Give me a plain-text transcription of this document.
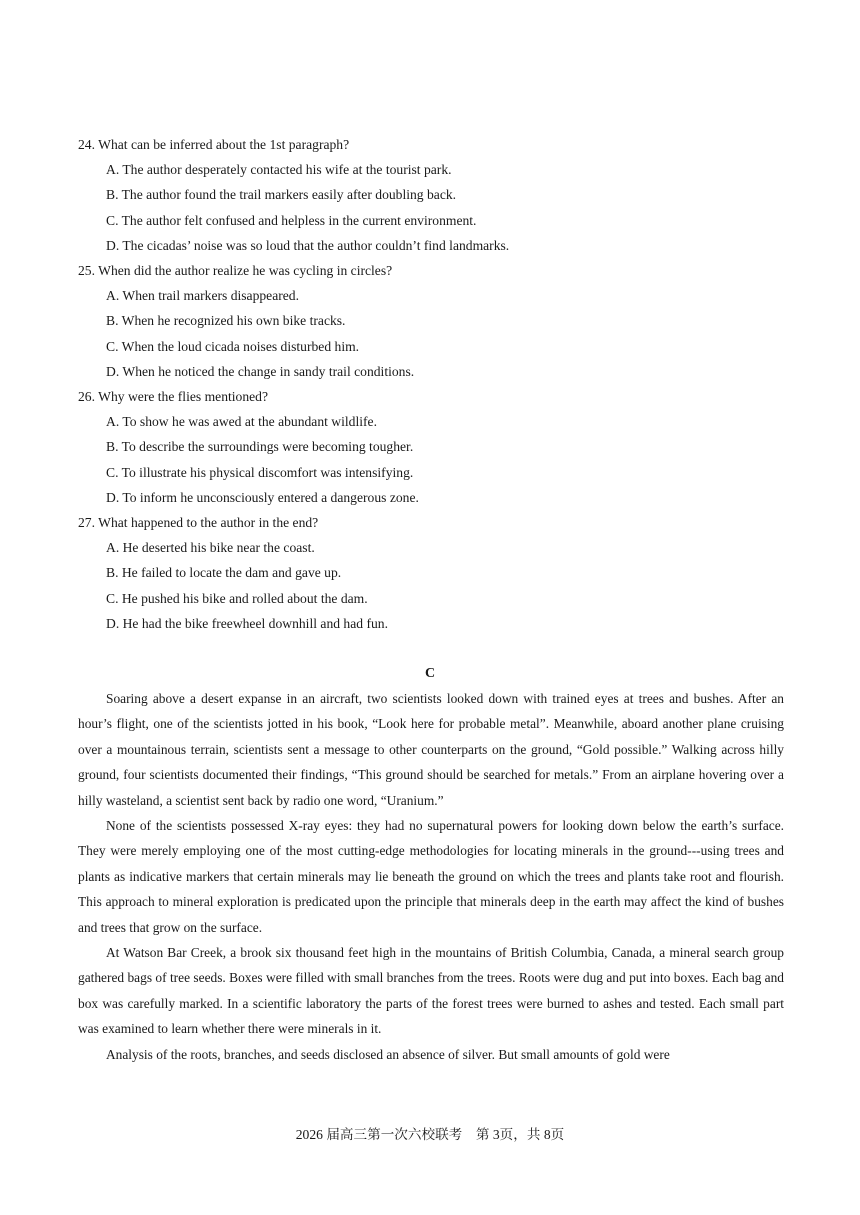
24. What can be inferred about the 1st paragraph?

A. The author desperately contacted his wife at the tourist park.

B. The author found the trail markers easily after doubling back.

C. The author felt confused and helpless in the current environment.

D. The cicadas’ noise was so loud that the author couldn’t find landmarks.

25. When did the author realize he was cycling in circles?

A. When trail markers disappeared.

B. When he recognized his own bike tracks.

C. When the loud cicada noises disturbed him.

D. When he noticed the change in sandy trail conditions.

26. Why were the flies mentioned?

A. To show he was awed at the abundant wildlife.

B. To describe the surroundings were becoming tougher.

C. To illustrate his physical discomfort was intensifying.

D. To inform he unconsciously entered a dangerous zone.

27. What happened to the author in the end?

A. He deserted his bike near the coast.

B. He failed to locate the dam and gave up.

C. He pushed his bike and rolled about the dam.

D. He had the bike freewheel downhill and had fun.

C

Soaring above a desert expanse in an aircraft, two scientists looked down with trained eyes at trees and bushes. After an hour’s flight, one of the scientists jotted in his book, “Look here for probable metal”. Meanwhile, aboard another plane cruising over a mountainous terrain, scientists sent a message to other counterparts on the ground, “Gold possible.” Walking across hilly ground, four scientists documented their findings, “This ground should be searched for metals.” From an airplane hovering over a hilly wasteland, a scientist sent back by radio one word, “Uranium.”

None of the scientists possessed X-ray eyes: they had no supernatural powers for looking down below the earth’s surface. They were merely employing one of the most cutting-edge methodologies for locating minerals in the ground---using trees and plants as indicative markers that certain minerals may lie beneath the ground on which the trees and plants take root and flourish. This approach to mineral exploration is predicated upon the principle that minerals deep in the earth may affect the kind of bushes and trees that grow on the surface.

At Watson Bar Creek, a brook six thousand feet high in the mountains of British Columbia, Canada, a mineral search group gathered bags of tree seeds. Boxes were filled with small branches from the trees. Roots were dug and put into boxes. Each bag and box was carefully marked. In a scientific laboratory the parts of the forest trees were burned to ashes and tested. Each small part was examined to learn whether there were minerals in it.

Analysis of the roots, branches, and seeds disclosed an absence of silver. But small amounts of gold were

2026 届高三第一次六校联考　第 3页，共 8页
